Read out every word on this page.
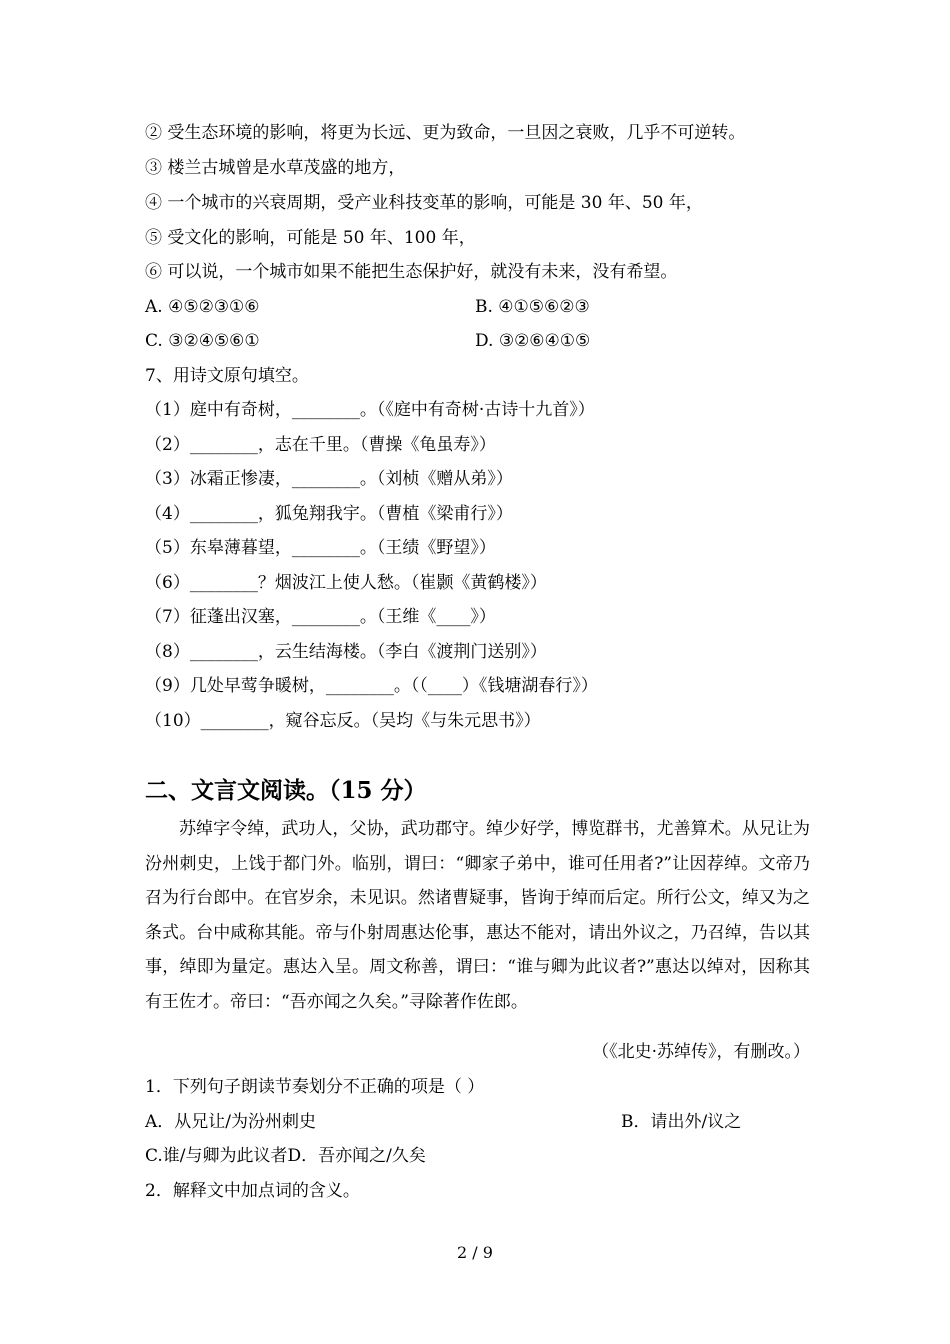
② 受生态环境的影响，将更为长远、更为致命，一旦因之衰败，几乎不可逆转。
③ 楼兰古城曾是水草茂盛的地方，
④ 一个城市的兴衰周期，受产业科技变革的影响，可能是 30 年、50 年，
⑤ 受文化的影响，可能是 50 年、100 年，
⑥ 可以说，一个城市如果不能把生态保护好，就没有未来，没有希望。
A. ④⑤②③①⑥	B. ④①⑤⑥②③
C. ③②④⑤⑥①	D. ③②⑥④①⑤
7、用诗文原句填空。
（1）庭中有奇树，________。（《庭中有奇树·古诗十九首》）
（2）________，志在千里。（曹操《龟虽寿》）
（3）冰霜正惨凄，________。（刘桢《赠从弟》）
（4）________，狐兔翔我宇。（曹植《梁甫行》）
（5）东皋薄暮望，________。（王绩《野望》）
（6）________？烟波江上使人愁。（崔颢《黄鹤楼》）
（7）征蓬出汉塞，________。（王维《____》）
（8）________，云生结海楼。（李白《渡荆门送别》）
（9）几处早莺争暖树，________。（（____）《钱塘湖春行》）
（10）________，窥谷忘反。（吴均《与朱元思书》）
二、文言文阅读。（15 分）

苏绰字令绰，武功人，父协，武功郡守。绰少好学，博览群书，尤善算术。从兄让为汾州刺史，上饯于都门外。临别，谓曰：“卿家子弟中，谁可任用者?”让因荐绰。文帝乃召为行台郎中。在官岁余，未见 ·识。然诸曹疑事，皆询于绰而后定。所行公文，绰又为之条式。台中咸 ·称其能。帝与仆射周惠达伦事，惠达不能对，请出外议之，乃召绰，告以其事，绰即为量定。惠达入呈。周文称善，谓曰：“谁与卿为此议者?”惠达以绰对，因称其有王佐才。帝曰：“吾亦闻之久矣。”寻 ·除著作佐郎。

（《北史·苏绰传》，有删改。）
1．下列句子朗读节奏划分不正确的项是（ ）
A．从兄让/为汾州刺史	B．请出外/议之
C.谁/与卿为此议者D．吾亦闻之/久矣
2．解释文中加点词的含义。
2 / 9
